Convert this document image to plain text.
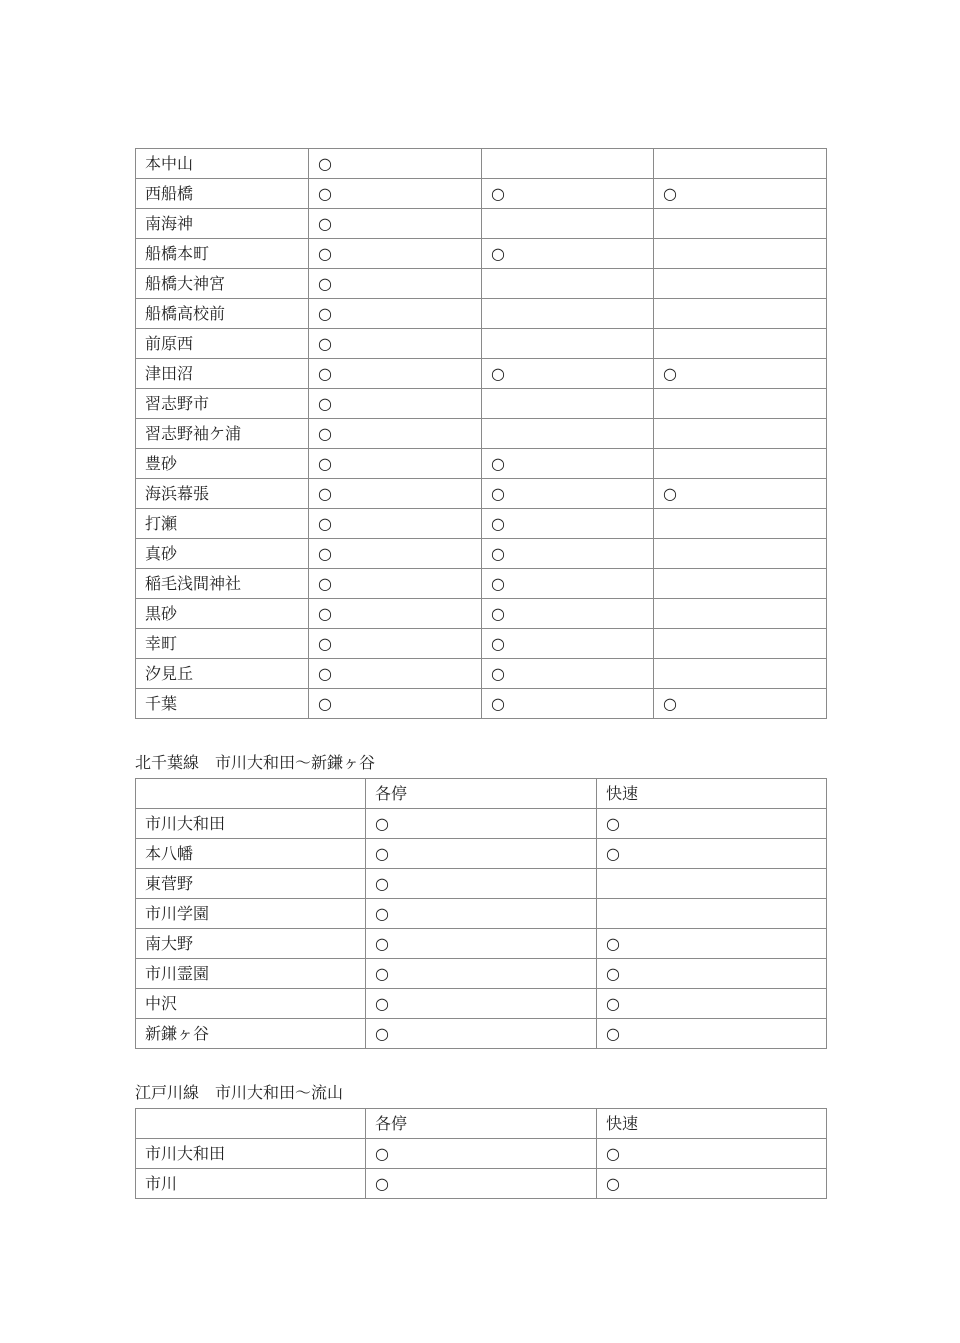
本中山	○		
西船橋	○	○	○
南海神	○		
船橋本町	○	○	
船橋大神宮	○		
船橋高校前	○		
前原西	○		
津田沼	○	○	○
習志野市	○		
習志野袖ケ浦	○		
豊砂	○	○	
海浜幕張	○	○	○
打瀬	○	○	
真砂	○	○	
稲毛浅間神社	○	○	
黒砂	○	○	
幸町	○	○	
汐見丘	○	○	
千葉	○	○	○
北千葉線　市川大和田～新鎌ヶ谷
	各停	快速
市川大和田	○	○
本八幡	○	○
東菅野	○	
市川学園	○	
南大野	○	○
市川霊園	○	○
中沢	○	○
新鎌ヶ谷	○	○
江戸川線　市川大和田～流山
	各停	快速
市川大和田	○	○
市川	○	○
